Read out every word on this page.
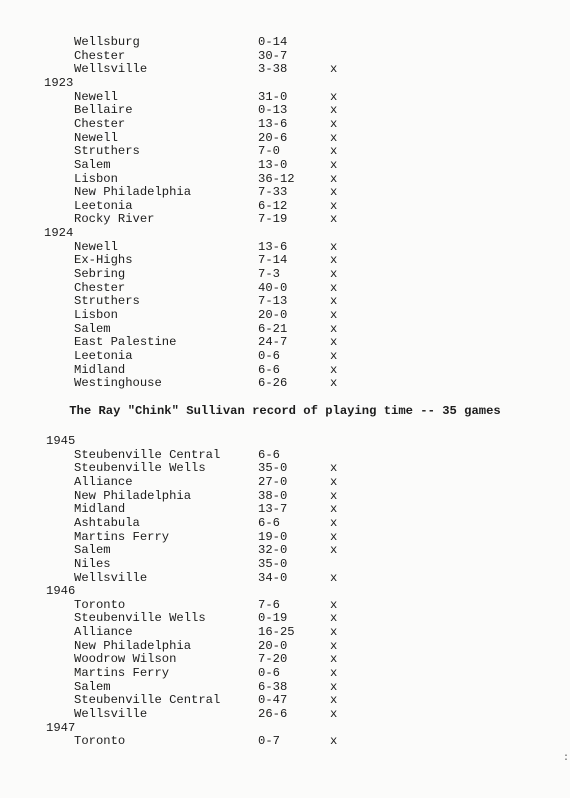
Wellsburg	0-14
Chester	30-7
Wellsville	3-38	x
1923
Newell	31-0	x
Bellaire	0-13	x
Chester	13-6	x
Newell	20-6	x
Struthers	7-0	x
Salem	13-0	x
Lisbon	36-12	x
New Philadelphia	7-33	x
Leetonia	6-12	x
Rocky River	7-19	x
1924
Newell	13-6	x
Ex-Highs	7-14	x
Sebring	7-3	x
Chester	40-0	x
Struthers	7-13	x
Lisbon	20-0	x
Salem	6-21	x
East Palestine	24-7	x
Leetonia	0-6	x
Midland	6-6	x
Westinghouse	6-26	x
1945
Steubenville Central	6-6
Steubenville Wells	35-0	x
Alliance	27-0	x
New Philadelphia	38-0	x
Midland	13-7	x
Ashtabula	6-6	x
Martins Ferry	19-0	x
Salem	32-0	x
Niles	35-0
Wellsville	34-0	x
1946
Toronto	7-6	x
Steubenville Wells	0-19	x
Alliance	16-25	x
New Philadelphia	20-0	x
Woodrow Wilson	7-20	x
Martins Ferry	0-6	x
Salem	6-38	x
Steubenville Central	0-47	x
Wellsville	26-6	x
1947
Toronto	0-7	x
The Ray "Chink" Sullivan record of playing time -- 35 games
:
